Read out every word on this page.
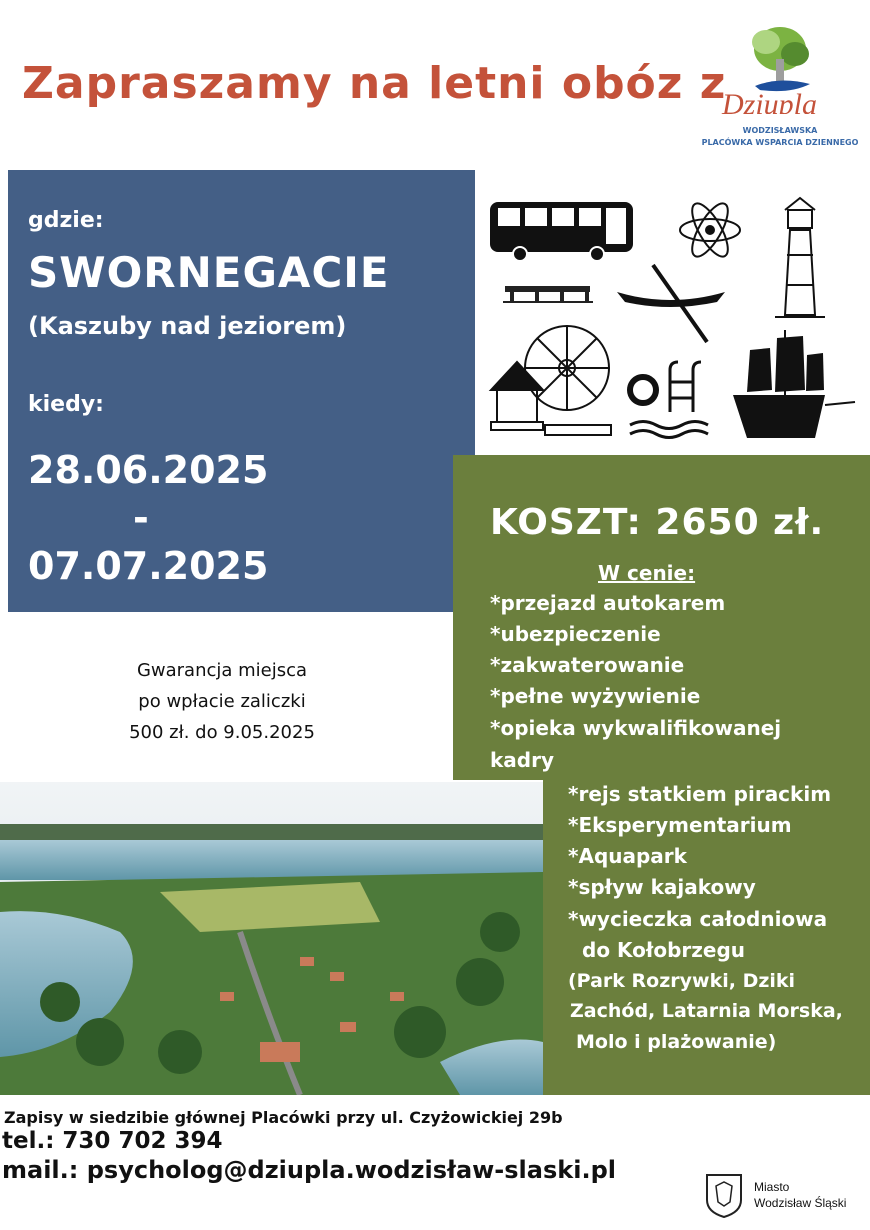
Zapraszamy na letni obóz z
Dziupla
WODZISŁAWSKA
PLACÓWKA WSPARCIA DZIENNEGO
gdzie:
SWORNEGACIE
(Kaszuby nad jeziorem)
kiedy:
28.06.2025
-
07.07.2025
KOSZT: 2650 zł.
W cenie:
*przejazd autokarem
*ubezpieczenie
*zakwaterowanie
*pełne wyżywienie
*opieka wykwalifikowanej
kadry
*rejs statkiem pirackim
*Eksperymentarium
*Aquapark
*spływ kajakowy
*wycieczka całodniowa
do Kołobrzegu
(Park Rozrywki, Dziki
Zachód, Latarnia Morska,
Molo i plażowanie)
Gwarancja miejsca
po wpłacie zaliczki
500 zł. do 9.05.2025
Zapisy w siedzibie głównej Placówki przy ul. Czyżowickiej 29b
tel.: 730 702 394
mail.: psycholog@dziupla.wodzisław-slaski.pl
Miasto
Wodzisław Śląski
